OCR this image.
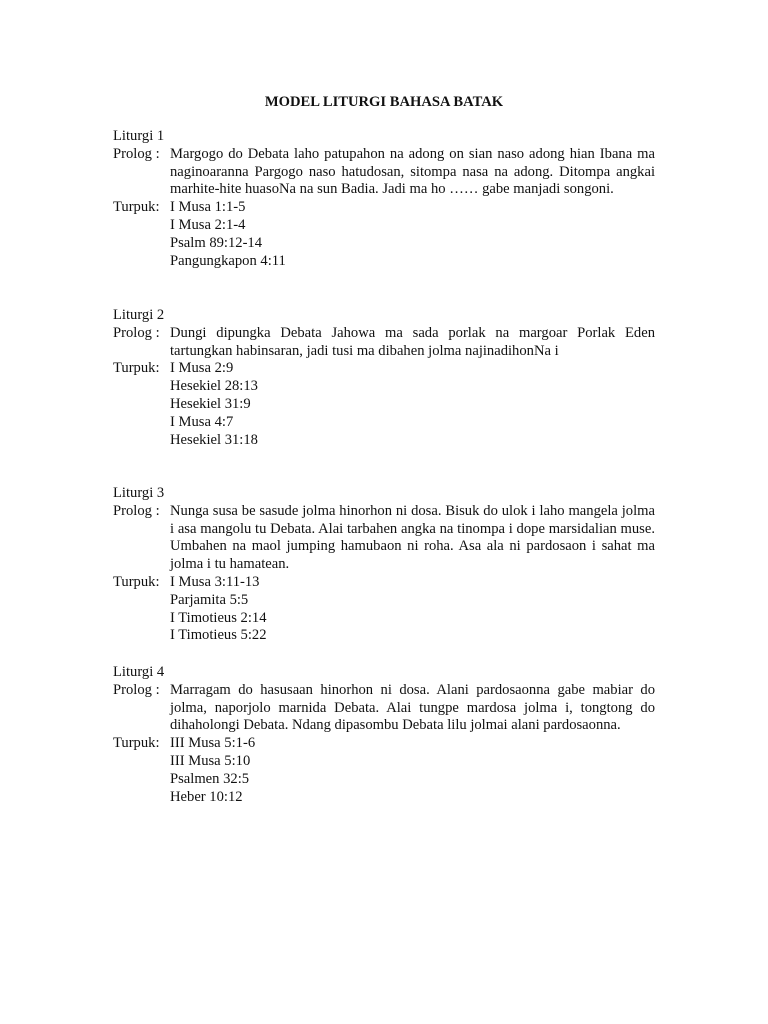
MODEL LITURGI BAHASA BATAK
Liturgi 1
Prolog : Margogo do Debata laho patupahon na adong on sian naso adong hian Ibana ma naginoaranna Pargogo naso hatudosan, sitompa nasa na adong. Ditompa angkai marhite-hite huasoNa na sun Badia. Jadi ma ho …… gabe manjadi songoni.
Turpuk: I Musa 1:1-5
I Musa 2:1-4
Psalm 89:12-14
Pangungkapon 4:11
Liturgi 2
Prolog : Dungi dipungka Debata Jahowa ma sada porlak na margoar Porlak Eden tartungkan habinsaran, jadi tusi ma dibahen jolma najinadihonNa i
Turpuk: I Musa 2:9
Hesekiel 28:13
Hesekiel 31:9
I Musa 4:7
Hesekiel 31:18
Liturgi 3
Prolog : Nunga susa be sasude jolma hinorhon ni dosa. Bisuk do ulok i laho mangela jolma i asa mangolu tu Debata. Alai tarbahen angka na tinompa i dope marsidalian muse. Umbahen na maol jumping hamubaon ni roha. Asa ala ni pardosaon i sahat ma jolma i tu hamatean.
Turpuk: I Musa 3:11-13
Parjamita 5:5
I Timotieus 2:14
I Timotieus 5:22
Liturgi 4
Prolog : Marragam do hasusaan hinorhon ni dosa. Alani pardosaonna gabe mabiar do jolma, naporjolo marnida Debata. Alai tungpe mardosa jolma i, tongtong do dihaholongi Debata. Ndang dipasombu Debata lilu jolmai alani pardosaonna.
Turpuk: III Musa 5:1-6
III Musa 5:10
Psalmen 32:5
Heber 10:12
